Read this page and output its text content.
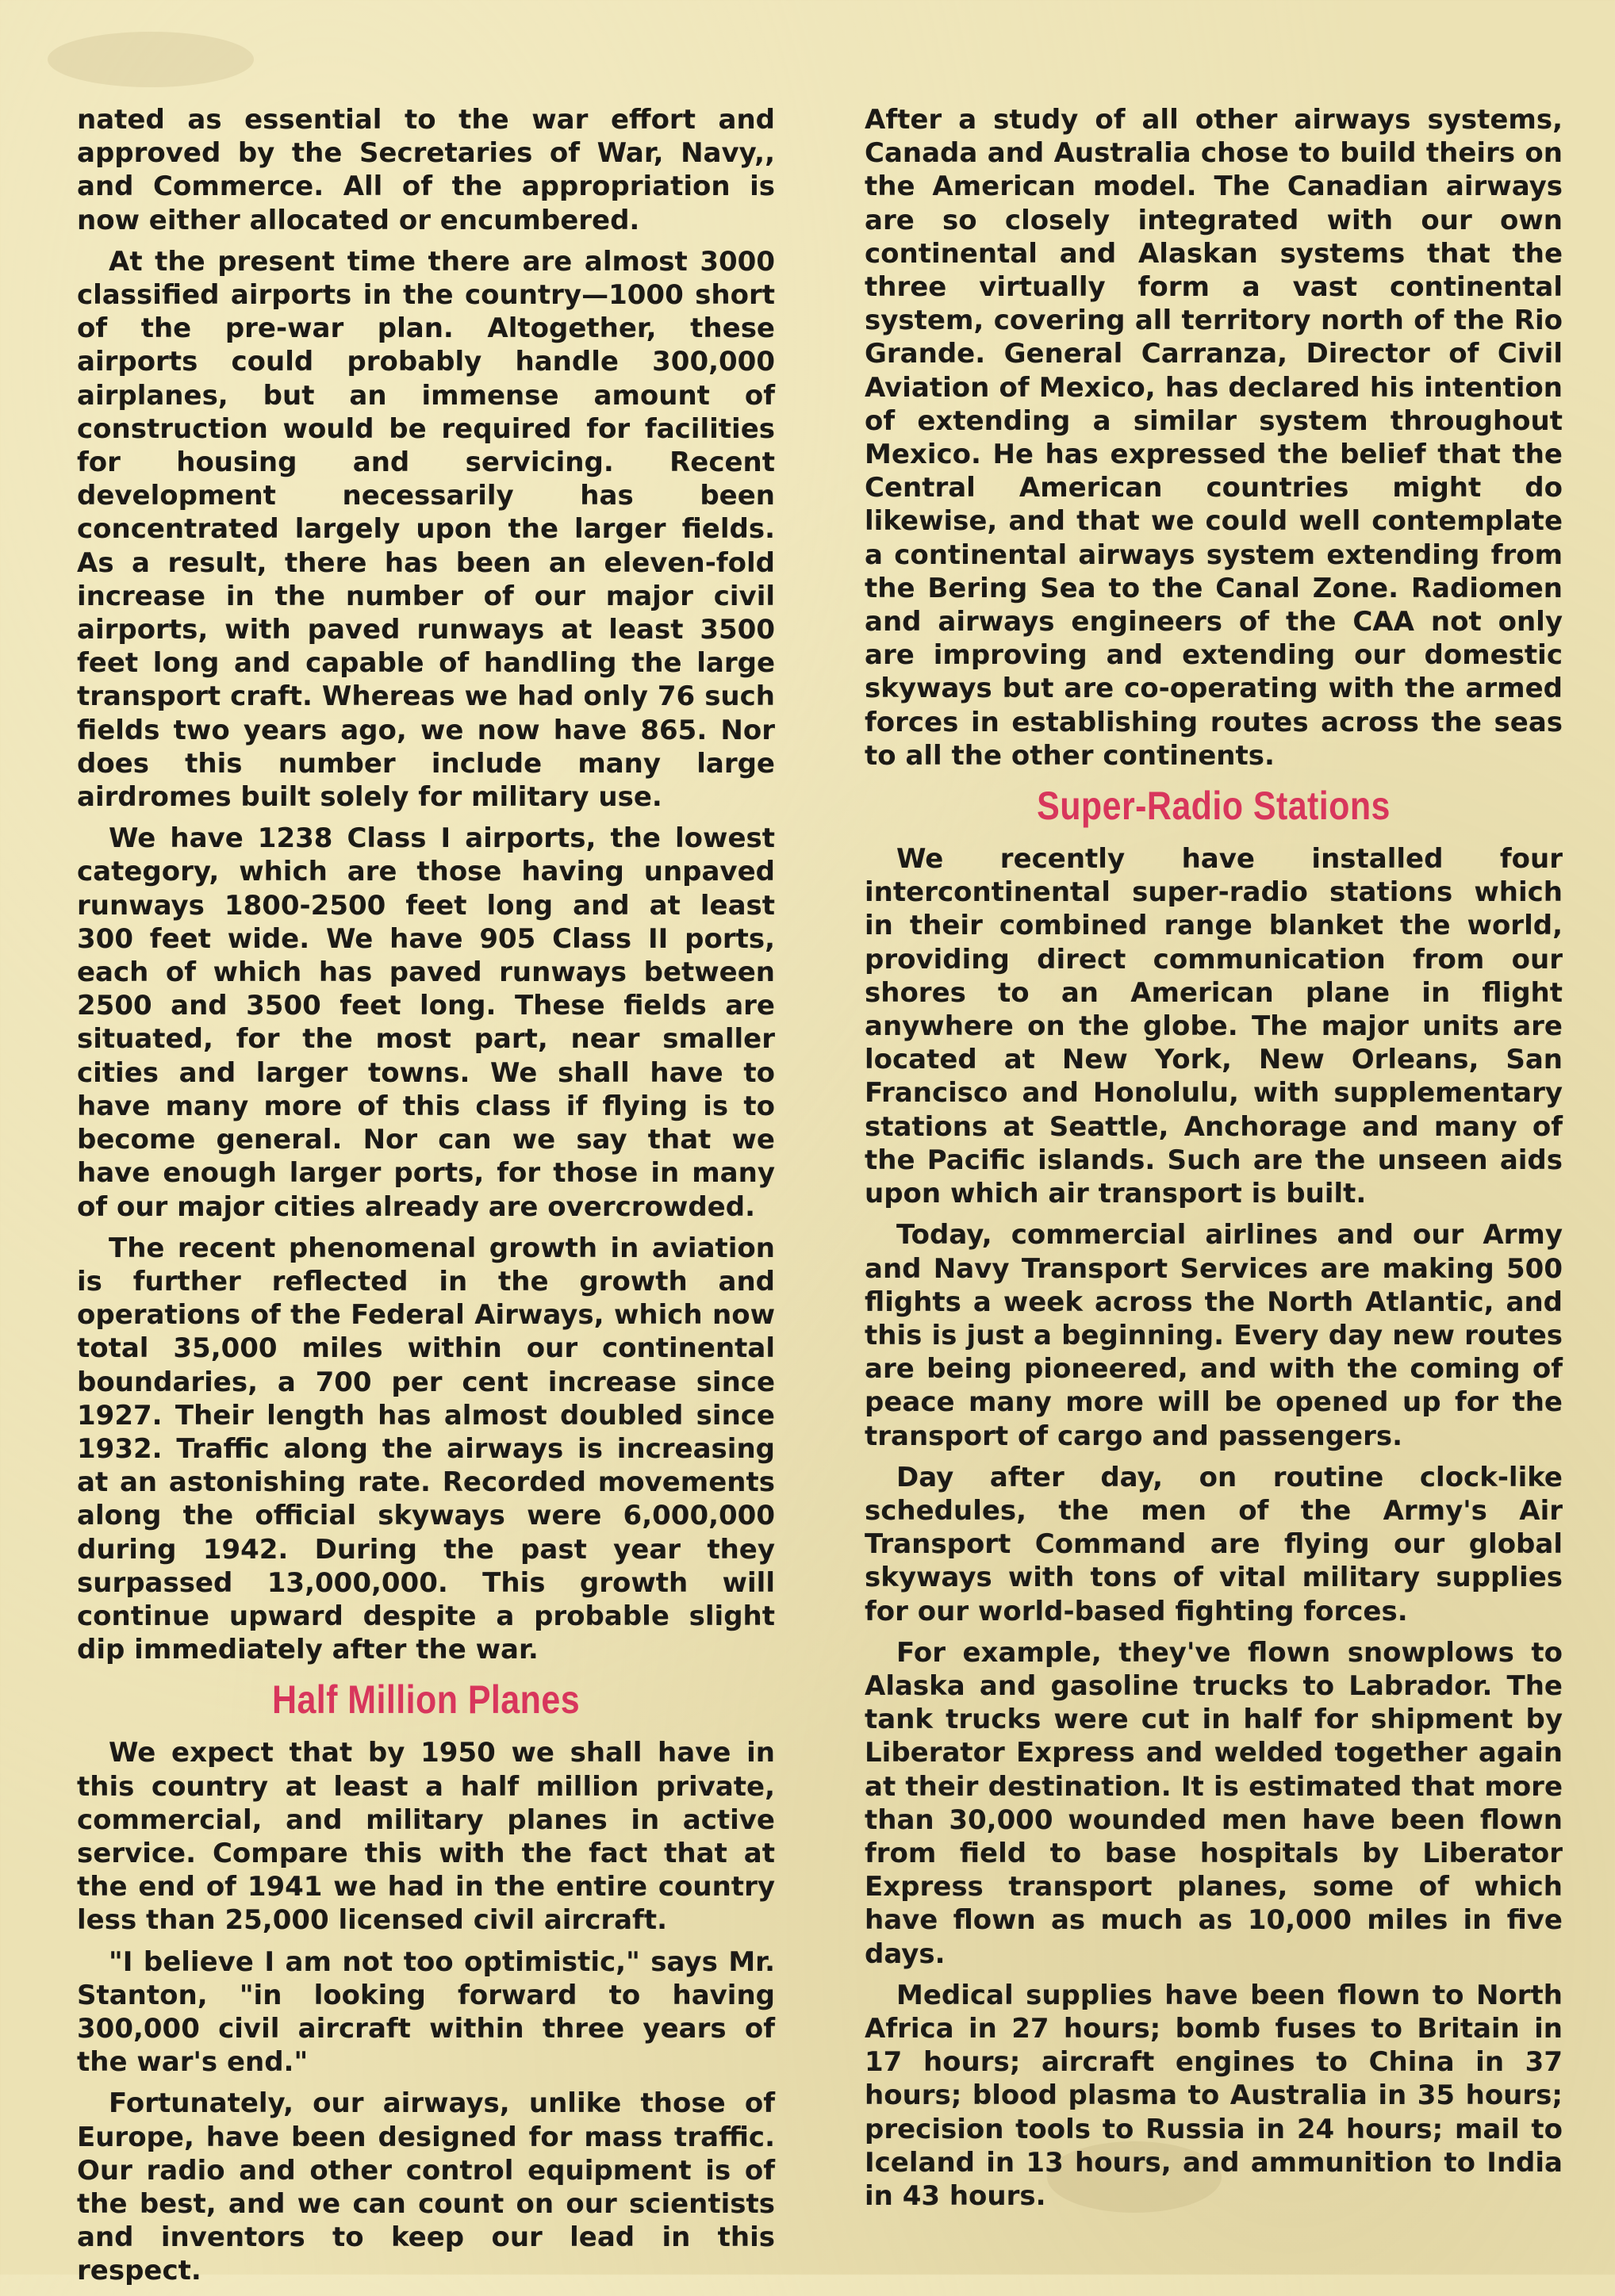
nated as essential to the war effort and approved by the Secretaries of War, Navy,, and Commerce. All of the appropriation is now either allocated or encumbered.

At the present time there are almost 3000 classified airports in the country—1000 short of the pre-war plan. Altogether, these airports could probably handle 300,000 airplanes, but an immense amount of construction would be required for facilities for housing and servicing. Recent development necessarily has been concentrated largely upon the larger fields. As a result, there has been an eleven-fold increase in the number of our major civil airports, with paved runways at least 3500 feet long and capable of handling the large transport craft. Whereas we had only 76 such fields two years ago, we now have 865. Nor does this number include many large airdromes built solely for military use.

We have 1238 Class I airports, the lowest category, which are those having unpaved runways 1800-2500 feet long and at least 300 feet wide. We have 905 Class II ports, each of which has paved runways between 2500 and 3500 feet long. These fields are situated, for the most part, near smaller cities and larger towns. We shall have to have many more of this class if flying is to become general. Nor can we say that we have enough larger ports, for those in many of our major cities already are overcrowded.

The recent phenomenal growth in aviation is further reflected in the growth and operations of the Federal Airways, which now total 35,000 miles within our continental boundaries, a 700 per cent increase since 1927. Their length has almost doubled since 1932. Traffic along the airways is increasing at an astonishing rate. Recorded movements along the official skyways were 6,000,000 during 1942. During the past year they surpassed 13,000,000. This growth will continue upward despite a probable slight dip immediately after the war.

Half Million Planes

We expect that by 1950 we shall have in this country at least a half million private, commercial, and military planes in active service. Compare this with the fact that at the end of 1941 we had in the entire country less than 25,000 licensed civil aircraft.

"I believe I am not too optimistic," says Mr. Stanton, "in looking forward to having 300,000 civil aircraft within three years of the war's end."

Fortunately, our airways, unlike those of Europe, have been designed for mass traffic. Our radio and other control equipment is of the best, and we can count on our scientists and inventors to keep our lead in this respect.

After a study of all other airways systems, Canada and Australia chose to build theirs on the American model. The Canadian airways are so closely integrated with our own continental and Alaskan systems that the three virtually form a vast continental system, covering all territory north of the Rio Grande. General Carranza, Director of Civil Aviation of Mexico, has declared his intention of extending a similar system throughout Mexico. He has expressed the belief that the Central American countries might do likewise, and that we could well contemplate a continental airways system extending from the Bering Sea to the Canal Zone. Radiomen and airways engineers of the CAA not only are improving and extending our domestic skyways but are co-operating with the armed forces in establishing routes across the seas to all the other continents.

Super-Radio Stations

We recently have installed four intercontinental super-radio stations which in their combined range blanket the world, providing direct communication from our shores to an American plane in flight anywhere on the globe. The major units are located at New York, New Orleans, San Francisco and Honolulu, with supplementary stations at Seattle, Anchorage and many of the Pacific islands. Such are the unseen aids upon which air transport is built.

Today, commercial airlines and our Army and Navy Transport Services are making 500 flights a week across the North Atlantic, and this is just a beginning. Every day new routes are being pioneered, and with the coming of peace many more will be opened up for the transport of cargo and passengers.

Day after day, on routine clock-like schedules, the men of the Army's Air Transport Command are flying our global skyways with tons of vital military supplies for our world-based fighting forces.

For example, they've flown snowplows to Alaska and gasoline trucks to Labrador. The tank trucks were cut in half for shipment by Liberator Express and welded together again at their destination. It is estimated that more than 30,000 wounded men have been flown from field to base hospitals by Liberator Express transport planes, some of which have flown as much as 10,000 miles in five days.

Medical supplies have been flown to North Africa in 27 hours; bomb fuses to Britain in 17 hours; aircraft engines to China in 37 hours; blood plasma to Australia in 35 hours; precision tools to Russia in 24 hours; mail to Iceland in 13 hours, and ammunition to India in 43 hours.
